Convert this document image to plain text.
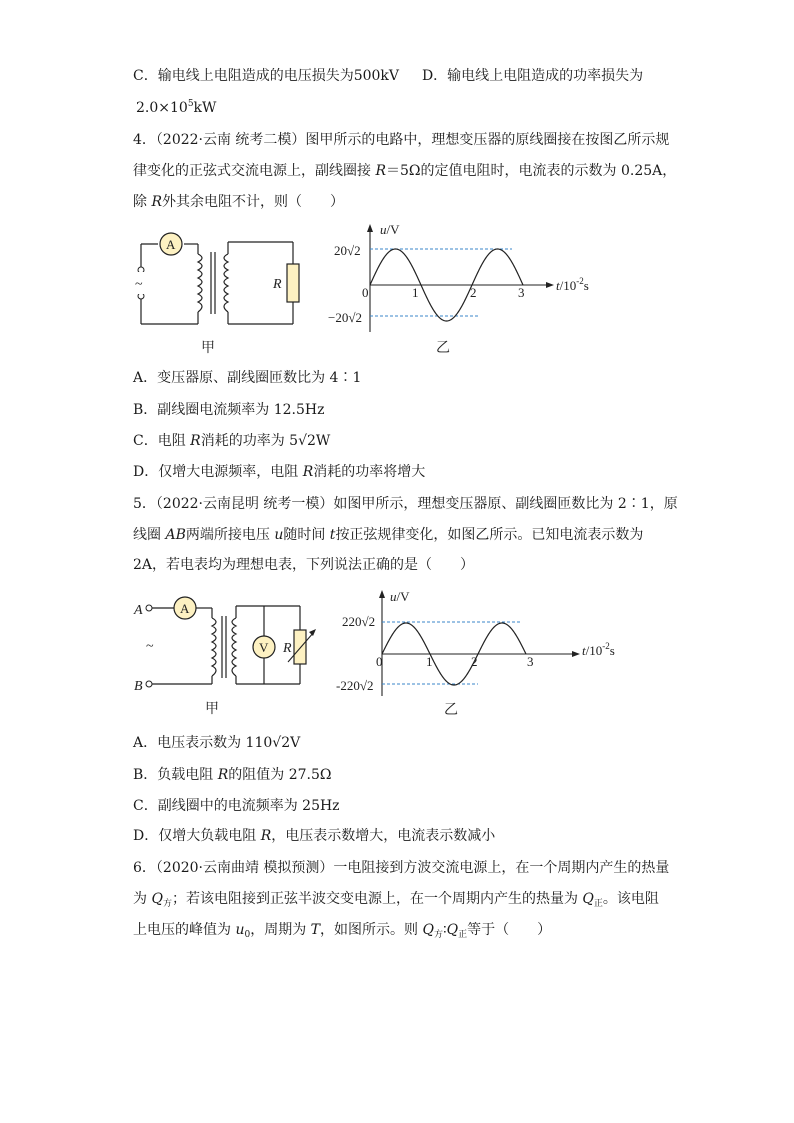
C．输电线上电阻造成的电压损失为500kV D．输电线上电阻造成的功率损失为
$2.0\times 10^5kW$
4．（2022·云南 统考二模）图甲所示的电路中，理想变压器的原线圈接在按图乙所示规
律变化的正弦式交流电源上，副线圈接 R＝5Ω的定值电阻时，电流表的示数为 0.25A，
除 R外其余电阻不计，则（　　）
~
A
R
甲
u/V
20√2
−20√2
0	1	2	3 $t/10^{-2}s$
乙
A．变压器原、副线圈匝数比为 4∶1
B．副线圈电流频率为 12.5Hz
C．电阻 R消耗的功率为 5√2W
D．仅增大电源频率，电阻 R消耗的功率将增大
5．（2022·云南昆明 统考一模）如图甲所示，理想变压器原、副线圈匝数比为 2∶1，原
线圈 AB两端所接电压 u随时间 t按正弦规律变化，如图乙所示。已知电流表示数为
2A，若电表均为理想电表，下列说法正确的是（　　）
A
B
~
A
V R
甲
u/V
220√2
-220√2
0	1	2	3
$t/10^{-2}s$
乙
A．电压表示数为 110√2V
B．负载电阻 R的阻值为 27.5Ω
C．副线圈中的电流频率为 25Hz
D．仅增大负载电阻 R，电压表示数增大，电流表示数减小
6．（2020·云南曲靖 模拟预测）一电阻接到方波交流电源上，在一个周期内产生的热量
为 $Q_方$；若该电阻接到正弦半波交变电源上，在一个周期内产生的热量为 $Q_正$。该电阻
上电压的峰值为 $u_0$，周期为 T，如图所示。则 $Q_方∶Q_正$等于（　　）
